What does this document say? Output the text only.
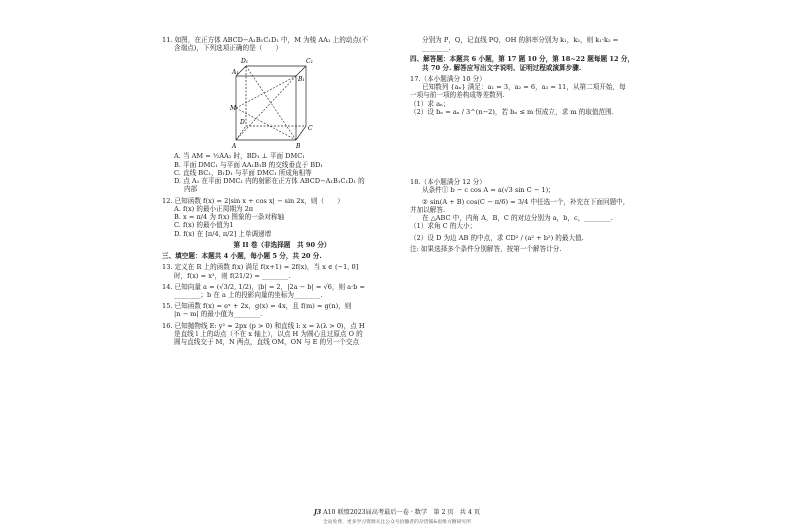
11. 如图，在正方体 ABCD−A₁B₁C₁D₁ 中，M 为棱 AA₁ 上的动点(不

含端点)，下列选项正确的是（　　）

D₁	C₁
A₁
B₁
M
D
C
A	B

A. 当 AM = ½AA₁ 时，BD₁ ⊥ 平面 DMC₁

B. 平面 DMC₁ 与平面 AA₁B₁B 的交线垂直于 BD₁

C. 直线 BC₁，B₁D₁ 与平面 DMC₁ 所成角相等

D. 点 A₁ 在平面 DMC₁ 内的射影在正方体 ABCD−A₁B₁C₁D₁ 的

内部

12. 已知函数 f(x) = 2|sin x + cos x| − sin 2x，则（　　）

A. f(x) 的最小正周期为 2π

B. x = π/4 为 f(x) 图象的一条对称轴

C. f(x) 的最小值为1

D. f(x) 在 [π/4, π/2] 上单调递增

第 II 卷（非选择题　共 90 分）

三、填空题：本题共 4 小题，每小题 5 分，共 20 分.

13. 定义在 R 上的函数 f(x) 满足 f(x+1) = 2f(x)，当 x ∈ (−1, 0]

时，f(x) = x³，则 f(21/2) = ________.

14. 已知向量 a = (√3/2, 1/2)，|b| = 2，|2a − b| = √6，则 a·b =

________；b 在 a 上的投影向量的坐标为________.

15. 已知函数 f(x) = eˣ + 2x，g(x) = 4x，且 f(m) = g(n)，则

|n − m| 的最小值为________.

16. 已知抛物线 E: y² = 2px (p > 0) 和直线 l: x = λ(λ > 0)，点 H

是直线 l 上的动点（不在 x 轴上），以点 H 为圆心且过原点 O 的

圆与直线交于 M，N 两点，直线 OM，ON 与 E 的另一个交点

分别为 P，Q，记直线 PQ，OH 的斜率分别为 k₁，k₂，则 k₁·k₂ =

________.

四、解答题：本题共 6 小题，第 17 题 10 分，第 18~22 题每题 12 分，

共 70 分. 解答应写出文字说明、证明过程或演算步骤.

17.（本小题满分 10 分）

已知数列 {aₙ} 满足：a₁ = 3，a₂ = 6，a₃ = 11，从第二项开始，每

一项与前一项的差构成等差数列.

（1）求 aₙ；

（2）设 bₙ = aₙ / 3^(n−2)，若 bₙ ≤ m 恒成立，求 m 的取值范围.

18.（本小题满分 12 分）

从条件① b − c cos A = a(√3 sin C − 1)；

② sin(A + B) cos(C − π/6) = 3/4 中任选一个，补充在下面问题中，

并加以解答.

在 △ABC 中，内角 A，B，C 的对边分别为 a，b，c，________.

（1）求角 C 的大小；

（2）设 D 为边 AB 的中点，求 CD² / (a² + b²) 的最大值.

注: 如果选择多个条件分别解答，按第一个解答计分.

J3 A10 联盟2023届高考最后一卷 · 数学　第 2 页　共 4 页
全站免费，更多学习资源关注公众号拾穗者的杂货铺&思维方糖研究所
